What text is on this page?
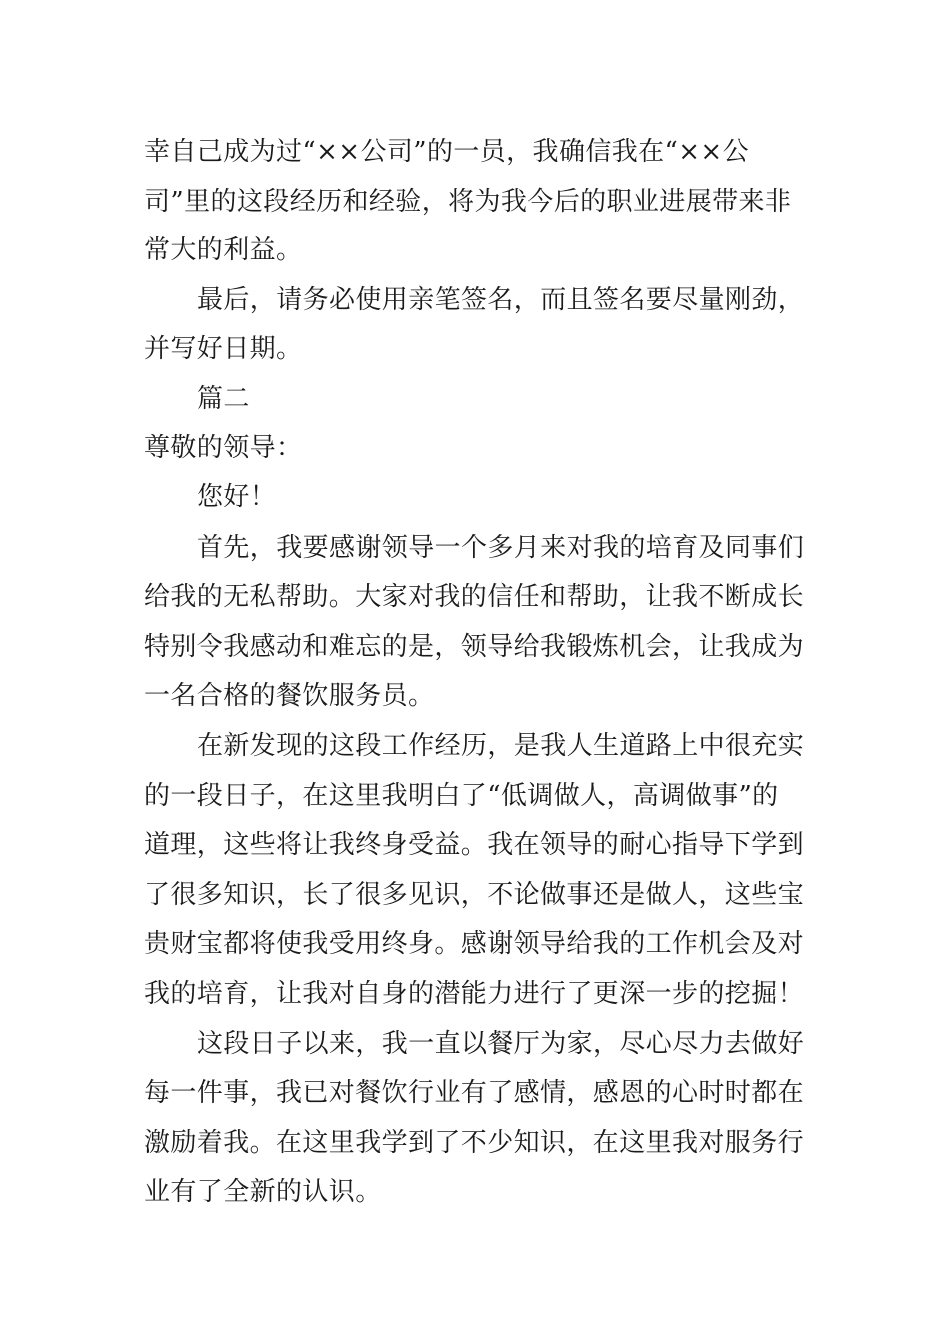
幸自己成为过“××公司”的一员，我确信我在“××公
司”里的这段经历和经验，将为我今后的职业进展带来非
常大的利益。
最后，请务必使用亲笔签名，而且签名要尽量刚劲，
并写好日期。
篇二
尊敬的领导：
您好！
首先，我要感谢领导一个多月来对我的培育及同事们
给我的无私帮助。大家对我的信任和帮助，让我不断成长
特别令我感动和难忘的是，领导给我锻炼机会，让我成为
一名合格的餐饮服务员。
在新发现的这段工作经历，是我人生道路上中很充实
的一段日子，在这里我明白了“低调做人，高调做事”的
道理，这些将让我终身受益。我在领导的耐心指导下学到
了很多知识，长了很多见识，不论做事还是做人，这些宝
贵财宝都将使我受用终身。感谢领导给我的工作机会及对
我的培育，让我对自身的潜能力进行了更深一步的挖掘！
这段日子以来，我一直以餐厅为家，尽心尽力去做好
每一件事，我已对餐饮行业有了感情，感恩的心时时都在
激励着我。在这里我学到了不少知识，在这里我对服务行
业有了全新的认识。
